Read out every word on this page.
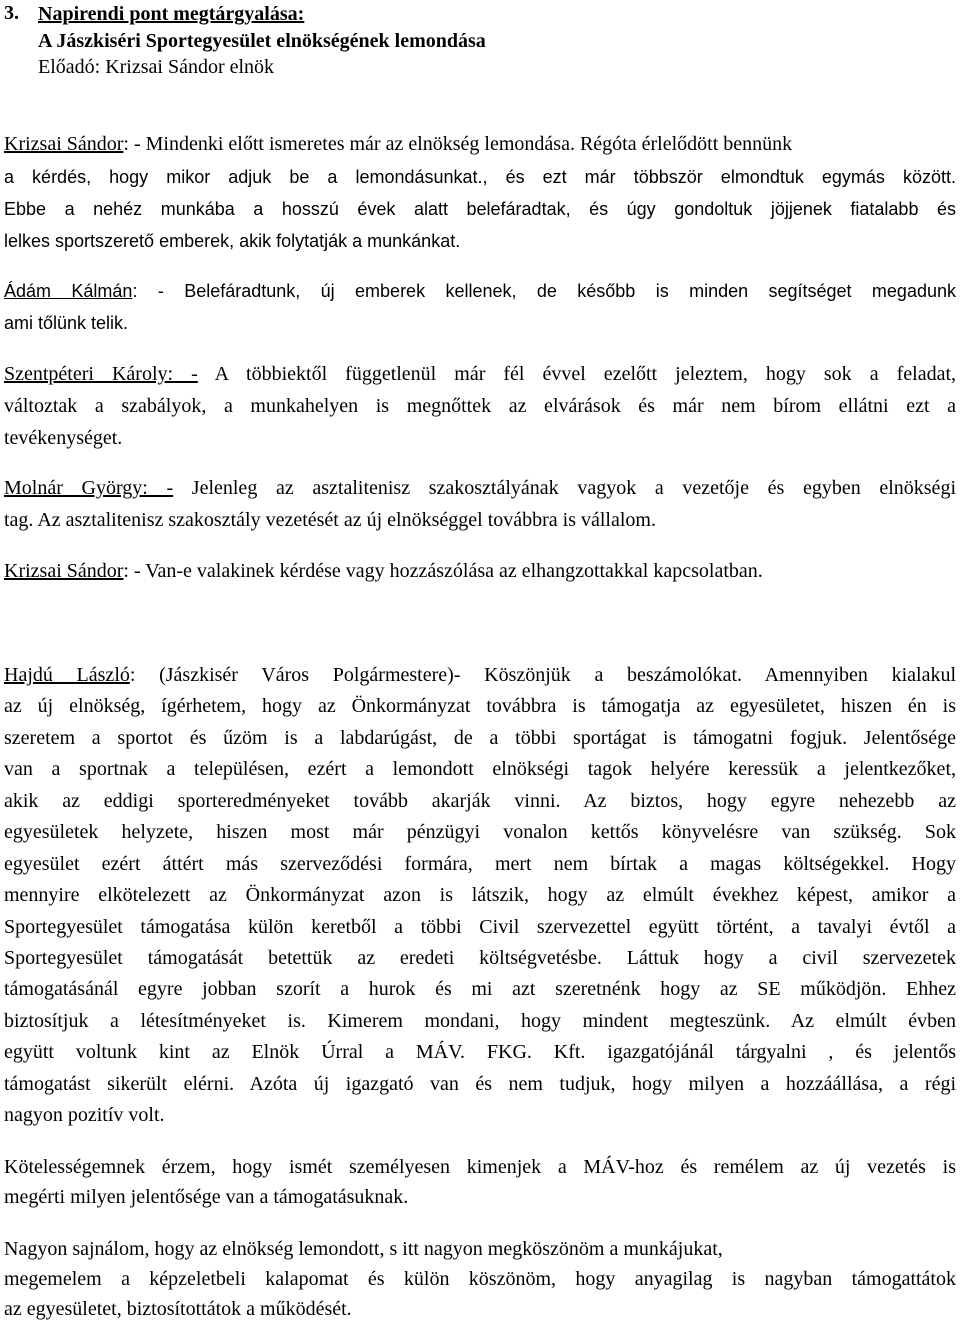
3. Napirendi pont megtárgyalása:
A Jászkiséri Sportegyesület elnökségének lemondása
Előadó: Krizsai Sándor elnök
Krizsai Sándor: - Mindenki előtt ismeretes már az elnökség lemondása. Régóta érlelődött bennünk
a kérdés, hogy mikor adjuk be a lemondásunkat., és ezt már többször elmondtuk egymás között.
Ebbe a nehéz munkába a hosszú évek alatt belefáradtak, és úgy gondoltuk jöjjenek fiatalabb és
lelkes sportszerető emberek, akik folytatják a munkánkat.
Ádám Kálmán: - Belefáradtunk, új emberek kellenek, de később is minden segítséget megadunk
ami tőlünk telik.
Szentpéteri Károly: - A többiektől függetlenül már fél évvel ezelőtt jeleztem, hogy sok a feladat,
változtak a szabályok, a munkahelyen is megnőttek az elvárások és már nem bírom ellátni ezt a
tevékenységet.
Molnár György: - Jelenleg az asztalitenisz szakosztályának vagyok a vezetője és egyben elnökségi
tag. Az asztalitenisz szakosztály vezetését az új elnökséggel továbbra is vállalom.
Krizsai Sándor: - Van-e valakinek kérdése vagy hozzászólása az elhangzottakkal kapcsolatban.
Hajdú László: (Jászkisér Város Polgármestere)- Köszönjük a beszámolókat. Amennyiben kialakul
az új elnökség, ígérhetem, hogy az Önkormányzat továbbra is támogatja az egyesületet, hiszen én is
szeretem a sportot és űzöm is a labdarúgást, de a többi sportágat is támogatni fogjuk. Jelentősége
van a sportnak a településen, ezért a lemondott elnökségi tagok helyére keressük a jelentkezőket,
akik az eddigi sporteredményeket tovább akarják vinni. Az biztos, hogy egyre nehezebb az
egyesületek helyzete, hiszen most már pénzügyi vonalon kettős könyvelésre van szükség. Sok
egyesület ezért áttért más szerveződési formára, mert nem bírtak a magas költségekkel. Hogy
mennyire elkötelezett az Önkormányzat azon is látszik, hogy az elmúlt évekhez képest, amikor a
Sportegyesület támogatása külön keretből a többi Civil szervezettel együtt történt, a tavalyi évtől a
Sportegyesület támogatását betettük az eredeti költségvetésbe. Láttuk hogy a civil szervezetek
támogatásánál egyre jobban szorít a hurok és mi azt szeretnénk hogy az SE működjön. Ehhez
biztosítjuk a létesítményeket is. Kimerem mondani, hogy mindent megteszünk. Az elmúlt évben
együtt voltunk kint az Elnök Úrral a MÁV. FKG. Kft. igazgatójánál tárgyalni , és jelentős
támogatást sikerült elérni. Azóta új igazgató van és nem tudjuk, hogy milyen a hozzáállása, a régi
nagyon pozitív volt.
Kötelességemnek érzem, hogy ismét személyesen kimenjek a MÁV-hoz és remélem az új vezetés is
megérti milyen jelentősége van a támogatásuknak.
Nagyon sajnálom, hogy az elnökség lemondott, s itt nagyon megköszönöm a munkájukat,
megemelem a képzeletbeli kalapomat és külön köszönöm, hogy anyagilag is nagyban támogattátok
az egyesületet, biztosítottátok a működését.
